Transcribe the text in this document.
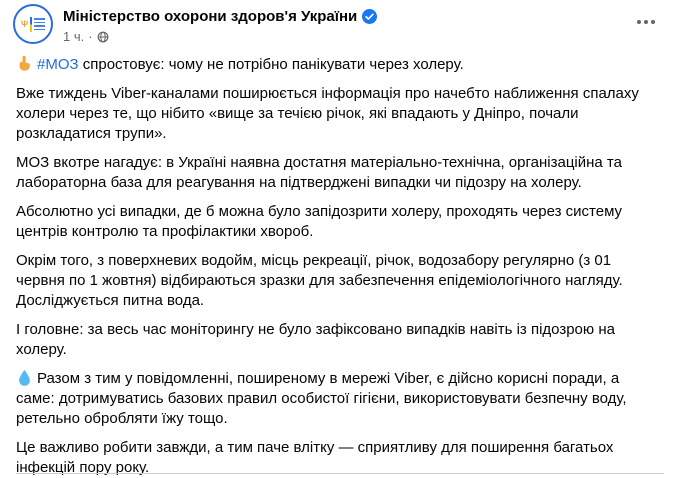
Ψ Міністерство охорони здоров'я України
1 ч. ·

#МОЗ спростовує: чому не потрібно панікувати через холеру.

Вже тиждень Viber-каналами поширюється інформація про начебто наближення спалаху холери через те, що нібито «вище за течією річок, які впадають у Дніпро, почали розкладатися трупи».

МОЗ вкотре нагадує: в Україні наявна достатня матеріально-технічна, організаційна та лабораторна база для реагування на підтверджені випадки чи підозру на холеру.

Абсолютно усі випадки, де б можна було запідозрити холеру, проходять через систему центрів контролю та профілактики хвороб.

Окрім того, з поверхневих водойм, місць рекреації, річок, водозабору регулярно (з 01 червня по 1 жовтня) відбираються зразки для забезпечення епідеміологічного нагляду. Досліджується питна вода.

І головне: за весь час моніторингу не було зафіксовано випадків навіть із підозрою на холеру.

Разом з тим у повідомленні, поширеному в мережі Viber, є дійсно корисні поради, а саме: дотримуватись базових правил особистої гігієни, використовувати безпечну воду, ретельно обробляти їжу тощо.

Це важливо робити завжди, а тим паче влітку — сприятливу для поширення багатьох інфекцій пору року.
